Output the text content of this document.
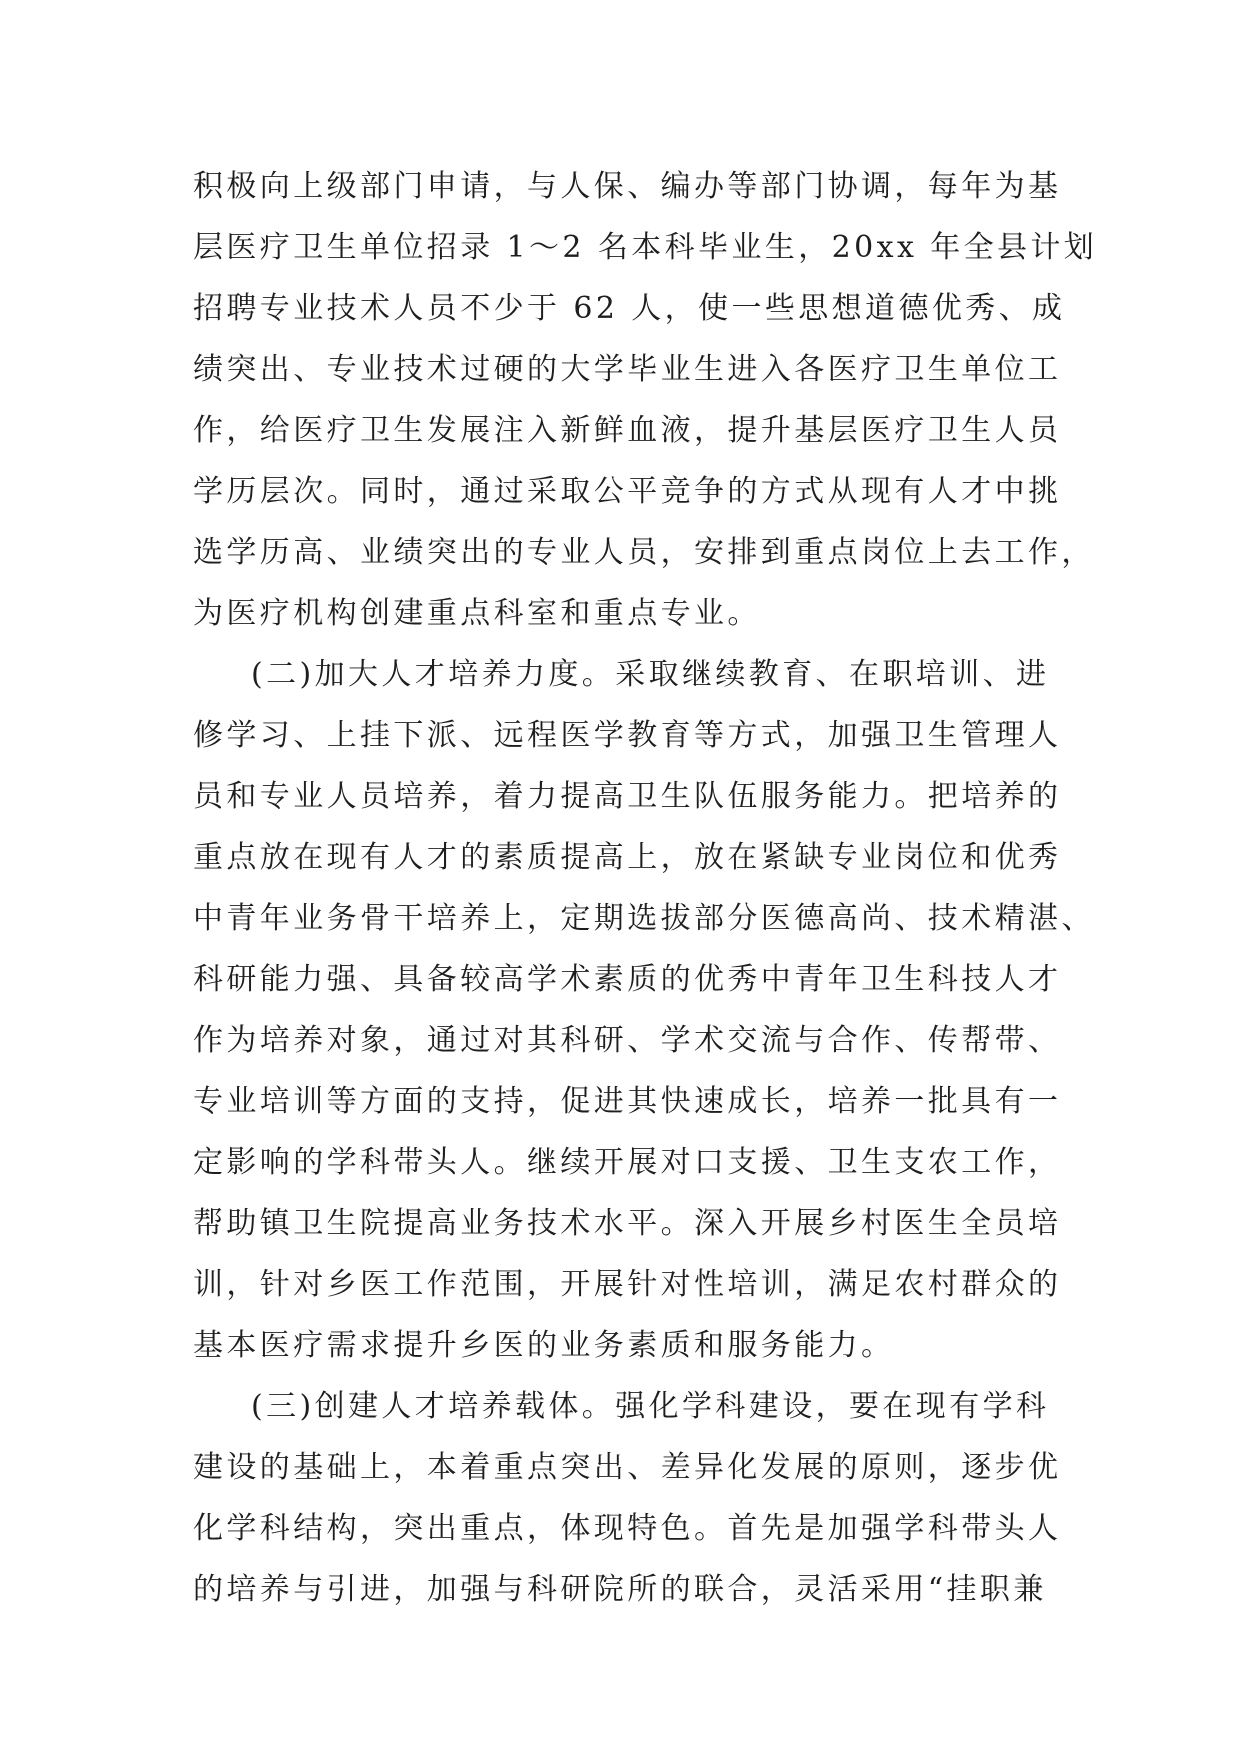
积极向上级部门申请，与人保、编办等部门协调，每年为基
层医疗卫生单位招录 1～2 名本科毕业生，20xx 年全县计划
招聘专业技术人员不少于 62 人，使一些思想道德优秀、成
绩突出、专业技术过硬的大学毕业生进入各医疗卫生单位工
作，给医疗卫生发展注入新鲜血液，提升基层医疗卫生人员
学历层次。同时，通过采取公平竞争的方式从现有人才中挑
选学历高、业绩突出的专业人员，安排到重点岗位上去工作，
为医疗机构创建重点科室和重点专业。
(二)加大人才培养力度。采取继续教育、在职培训、进
修学习、上挂下派、远程医学教育等方式，加强卫生管理人
员和专业人员培养，着力提高卫生队伍服务能力。把培养的
重点放在现有人才的素质提高上，放在紧缺专业岗位和优秀
中青年业务骨干培养上，定期选拔部分医德高尚、技术精湛、
科研能力强、具备较高学术素质的优秀中青年卫生科技人才
作为培养对象，通过对其科研、学术交流与合作、传帮带、
专业培训等方面的支持，促进其快速成长，培养一批具有一
定影响的学科带头人。继续开展对口支援、卫生支农工作，
帮助镇卫生院提高业务技术水平。深入开展乡村医生全员培
训，针对乡医工作范围，开展针对性培训，满足农村群众的
基本医疗需求提升乡医的业务素质和服务能力。
(三)创建人才培养载体。强化学科建设，要在现有学科
建设的基础上，本着重点突出、差异化发展的原则，逐步优
化学科结构，突出重点，体现特色。首先是加强学科带头人
的培养与引进，加强与科研院所的联合，灵活采用“挂职兼
